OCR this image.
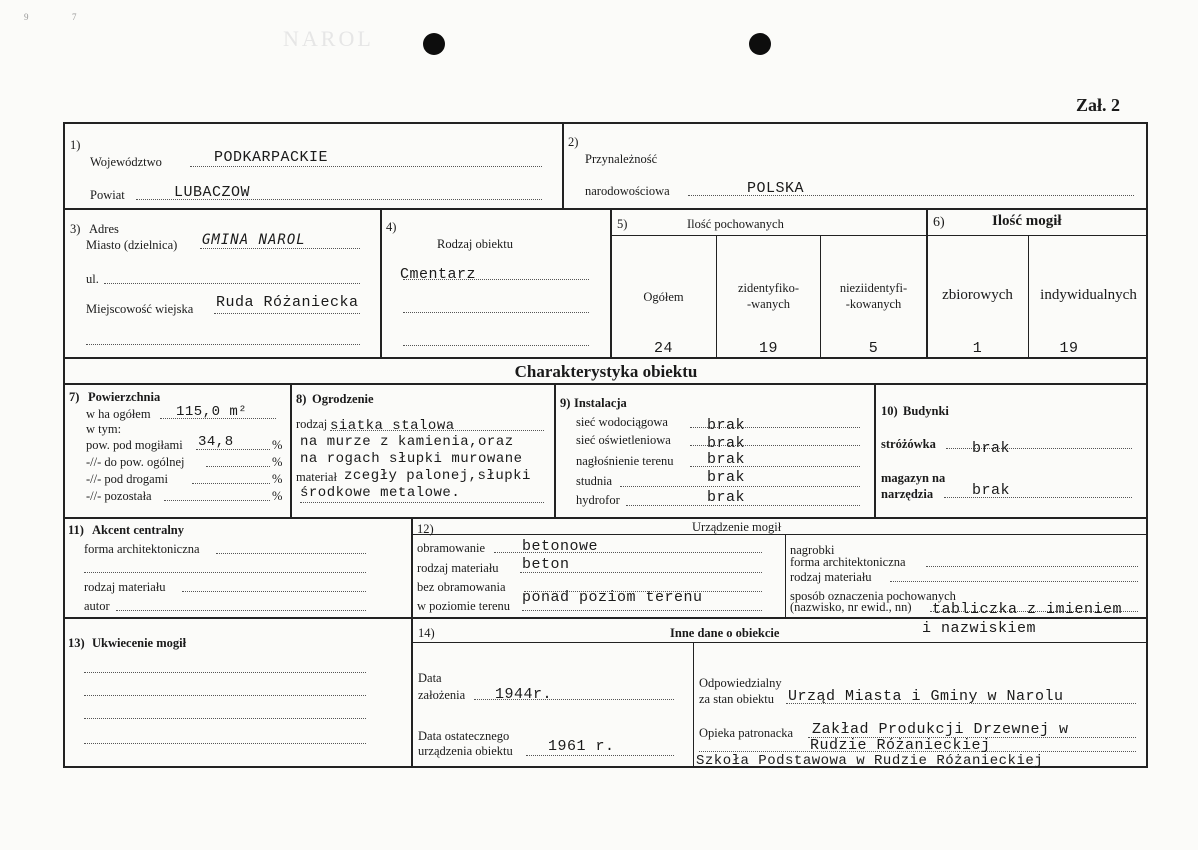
9	7
NAROL
Zał. 2
1)
Województwo	PODKARPACKIE
Powiat	LUBACZOW
2)
Przynależność
narodowościowa	POLSKA
3) Adres
Miasto (dzielnica) GMINA NAROL
ul.
Miejscowość wiejska Ruda Różaniecka
4)
Rodzaj obiektu
Cmentarz
5)	Ilość pochowanych
Ogółem
zidentyfiko-
-wanych
nieziidentyfi-
-kowanych
24	19	5
6)	Ilość mogił
zbiorowych	indywidualnych
1	19
Charakterystyka obiektu
7) Powierzchnia
w ha ogółem 115,0 m²
w tym:
pow. pod mogiłami 34,8	%
-//- do pow. ogólnej	%
-//- pod drogami	%
-//- pozostała	%
8) Ogrodzenie
rodzaj siatka stalowa
na murze z kamienia,oraz
na rogach słupki murowane
materiał zcegły palonej,słupki
środkowe metalowe.
9) Instalacja
sieć wodociągowa	brak
sieć oświetleniowa brak
nagłośnienie terenu brak
studnia	brak
hydrofor	brak
10) Budynki
stróżówka brak
magazyn na
narzędzia	brak
11) Akcent centralny
forma architektoniczna
rodzaj materiału
autor
12)	Urządzenie mogił
obramowanie betonowe
rodzaj materiału beton
bez obramowania
w poziomie terenu ponad poziom terenu
nagrobki
forma architektoniczna
rodzaj materiału
sposób oznaczenia pochowanych
(nazwisko, nr ewid., nn) tabliczka z imieniem
i nazwiskiem
13) Ukwiecenie mogił
14)	Inne dane o obiekcie
Data
założenia 1944r.
Data ostatecznego
urządzenia obiektu 1961 r.
Odpowiedzialny
za stan obiektu Urząd Miasta i Gminy w Narolu
Opieka patronacka Zakład Produkcji Drzewnej w
Rudzie Różanieckiej
Szkoła Podstawowa w Rudzie Różanieckiej
